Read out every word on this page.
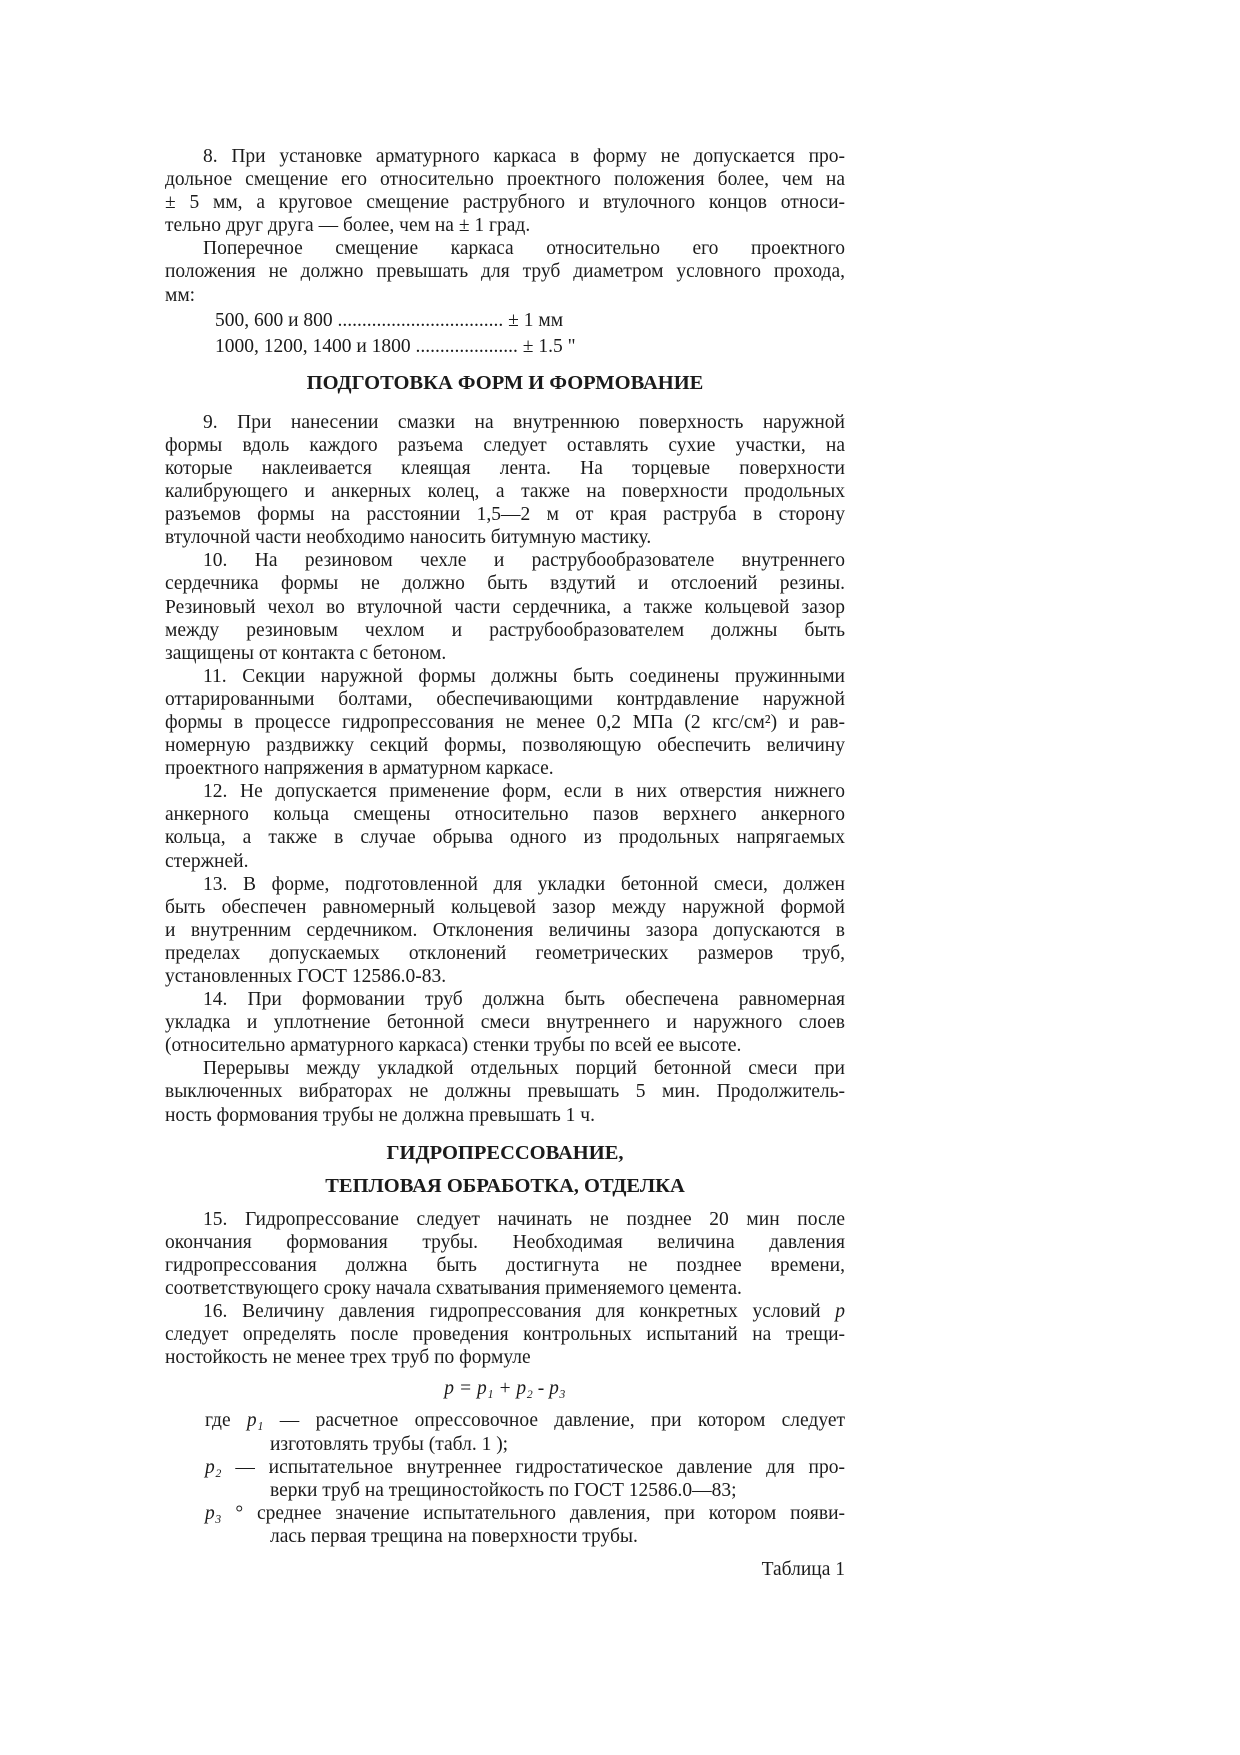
8. При установке арматурного каркаса в форму не допускается про-
дольное смещение его относительно проектного положения более, чем на
± 5 мм, а круговое смещение раструбного и втулочного концов относи-
тельно друг друга — более, чем на ± 1 град.
Поперечное смещение каркаса относительно его проектного
положения не должно превышать для труб диаметром условного прохода,
мм:
500, 600 и 800 .................................. ± 1 мм
1000, 1200, 1400 и 1800 ..................... ± 1.5 "
ПОДГОТОВКА ФОРМ И ФОРМОВАНИЕ
9. При нанесении смазки на внутреннюю поверхность наружной
формы вдоль каждого разъема следует оставлять сухие участки, на
которые наклеивается клеящая лента. На торцевые поверхности
калибрующего и анкерных колец, а также на поверхности продольных
разъемов формы на расстоянии 1,5—2 м от края раструба в сторону
втулочной части необходимо наносить битумную мастику.
10. На резиновом чехле и раструбообразователе внутреннего
сердечника формы не должно быть вздутий и отслоений резины.
Резиновый чехол во втулочной части сердечника, а также кольцевой зазор
между резиновым чехлом и раструбообразователем должны быть
защищены от контакта с бетоном.
11. Секции наружной формы должны быть соединены пружинными
оттарированными болтами, обеспечивающими контрдавление наружной
формы в процессе гидропрессования не менее 0,2 МПа (2 кгс/см²) и рав-
номерную раздвижку секций формы, позволяющую обеспечить величину
проектного напряжения в арматурном каркасе.
12. Не допускается применение форм, если в них отверстия нижнего
анкерного кольца смещены относительно пазов верхнего анкерного
кольца, а также в случае обрыва одного из продольных напрягаемых
стержней.
13. В форме, подготовленной для укладки бетонной смеси, должен
быть обеспечен равномерный кольцевой зазор между наружной формой
и внутренним сердечником. Отклонения величины зазора допускаются в
пределах допускаемых отклонений геометрических размеров труб,
установленных ГОСТ 12586.0-83.
14. При формовании труб должна быть обеспечена равномерная
укладка и уплотнение бетонной смеси внутреннего и наружного слоев
(относительно арматурного каркаса) стенки трубы по всей ее высоте.
Перерывы между укладкой отдельных порций бетонной смеси при
выключенных вибраторах не должны превышать 5 мин. Продолжитель-
ность формования трубы не должна превышать 1 ч.
ГИДРОПРЕССОВАНИЕ,
ТЕПЛОВАЯ ОБРАБОТКА, ОТДЕЛКА
15. Гидропрессование следует начинать не позднее 20 мин после
окончания формования трубы. Необходимая величина давления
гидропрессования должна быть достигнута не позднее времени,
соответствующего сроку начала схватывания применяемого цемента.
16. Величину давления гидропрессования для конкретных условий p
следует определять после проведения контрольных испытаний на трещи-
ностойкость не менее трех труб по формуле
p = p₁ + p₂ - p₃
где p₁ — расчетное опрессовочное давление, при котором следует
изготовлять трубы (табл. 1 );
p₂ — испытательное внутреннее гидростатическое давление для про-
верки труб на трещиностойкость по ГОСТ 12586.0—83;
p₃ ° среднее значение испытательного давления, при котором появи-
лась первая трещина на поверхности трубы.
Таблица 1
